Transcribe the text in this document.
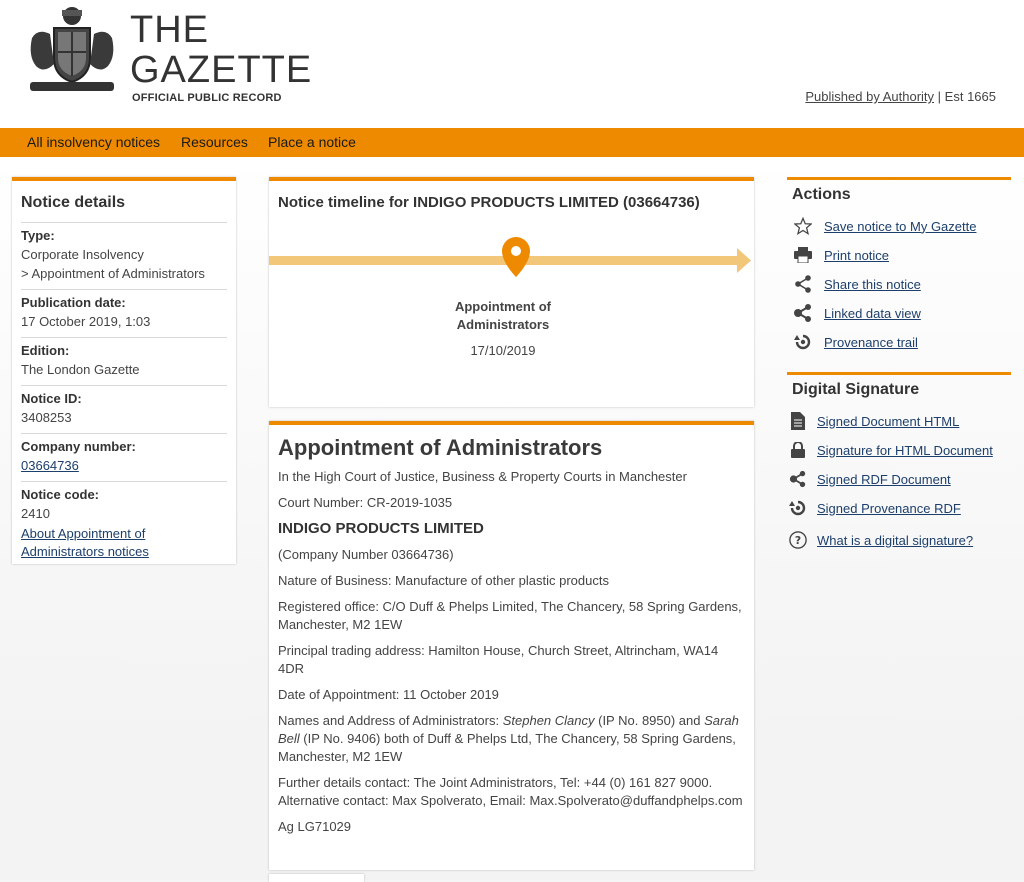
THE
GAZETTE
OFFICIAL PUBLIC RECORD	Published by Authority | Est 1665
All insolvency notices Resources Place a notice
Notice details
Type:
Corporate Insolvency
> Appointment of Administrators
Publication date:
17 October 2019, 1:03
Edition:
The London Gazette
Notice ID:
3408253
Company number:
03664736
Notice code:
2410
About Appointment of
Administrators notices
Notice timeline for INDIGO PRODUCTS LIMITED (03664736)
Appointment of
Administrators
17/10/2019
Appointment of Administrators

In the High Court of Justice, Business & Property Courts in Manchester

Court Number: CR-2019-1035

INDIGO PRODUCTS LIMITED

(Company Number 03664736)

Nature of Business: Manufacture of other plastic products

Registered office: C/O Duff & Phelps Limited, The Chancery, 58 Spring Gardens, Manchester, M2 1EW

Principal trading address: Hamilton House, Church Street, Altrincham, WA14 4DR

Date of Appointment: 11 October 2019

Names and Address of Administrators: Stephen Clancy (IP No. 8950) and Sarah Bell (IP No. 9406) both of Duff & Phelps Ltd, The Chancery, 58 Spring Gardens, Manchester, M2 1EW

Further details contact: The Joint Administrators, Tel: +44 (0) 161 827 9000. Alternative contact: Max Spolverato, Email: Max.Spolverato@duffandphelps.com

Ag LG71029

Actions
Save notice to My Gazette
Print notice
Share this notice
Linked data view
Provenance trail
Digital Signature
Signed Document HTML
Signature for HTML Document
Signed RDF Document
Signed Provenance RDF
? What is a digital signature?
